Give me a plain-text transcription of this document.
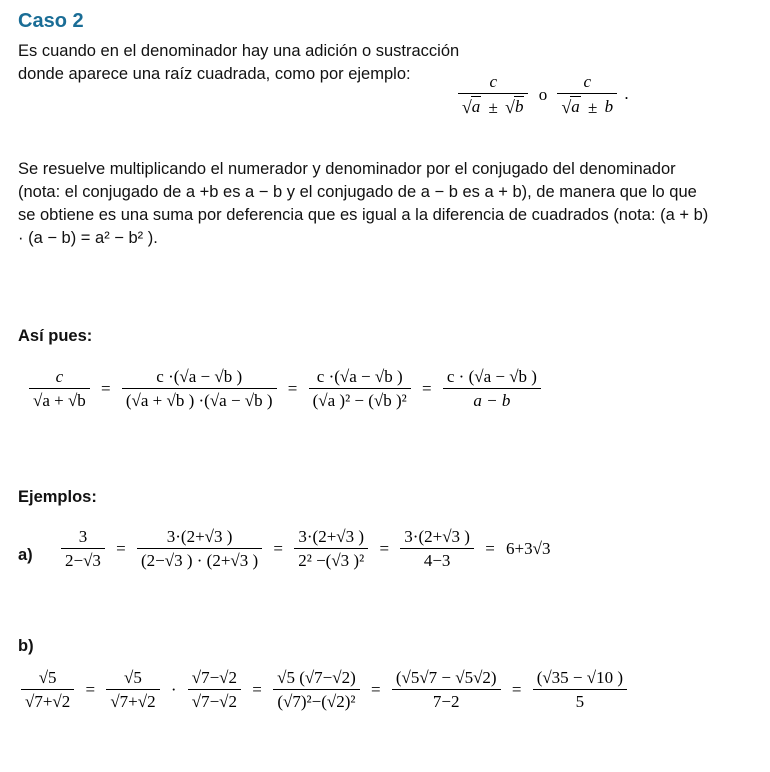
Caso 2
Es cuando en el denominador hay una adición o sustracción donde aparece una raíz cuadrada, como por ejemplo:	$\frac{c}{√a \pm √b}$ o $\frac{c}{√a \pm b}$ .
Se resuelve multiplicando el numerador y denominador por el conjugado del denominador (nota: el conjugado de a +b es a − b y el conjugado de a − b es a + b), de manera que lo que se obtiene es una suma por deferencia que es igual a la diferencia de cuadrados (nota: (a + b) · (a − b) = a² − b² ).
Así pues:
$\frac{c}{√a + √b} = \frac{c \cdot(√a - √b )}{(√a + √b ) \cdot(√a - √b )} = \frac{c \cdot(√a - √b )}{\text{(√a )² − (√b )²}} = \frac{c \cdot (√a - √b )}{a - b}$
Ejemplos:
a)
b)
$\frac{3}{2-√3} = \frac{3\cdot(2+√3 )}{(2-√3 ) \cdot (2+√3 )} = \frac{3\cdot(2+√3 )}{\text{2² −(√3 )²}} = \frac{3\cdot(2+√3 )}{4-3} = 6+3√3$
$\frac{√5}{√7+√2} = \frac{√5}{√7+√2} \cdot \frac{√7-√2}{√7-√2} = \frac{√5 (√7-√2)}{\text{(√7)²−(√2)²}} = \frac{(√5√7 - √5√2)}{7-2} = \frac{(√35 - √10 )}{5}$
